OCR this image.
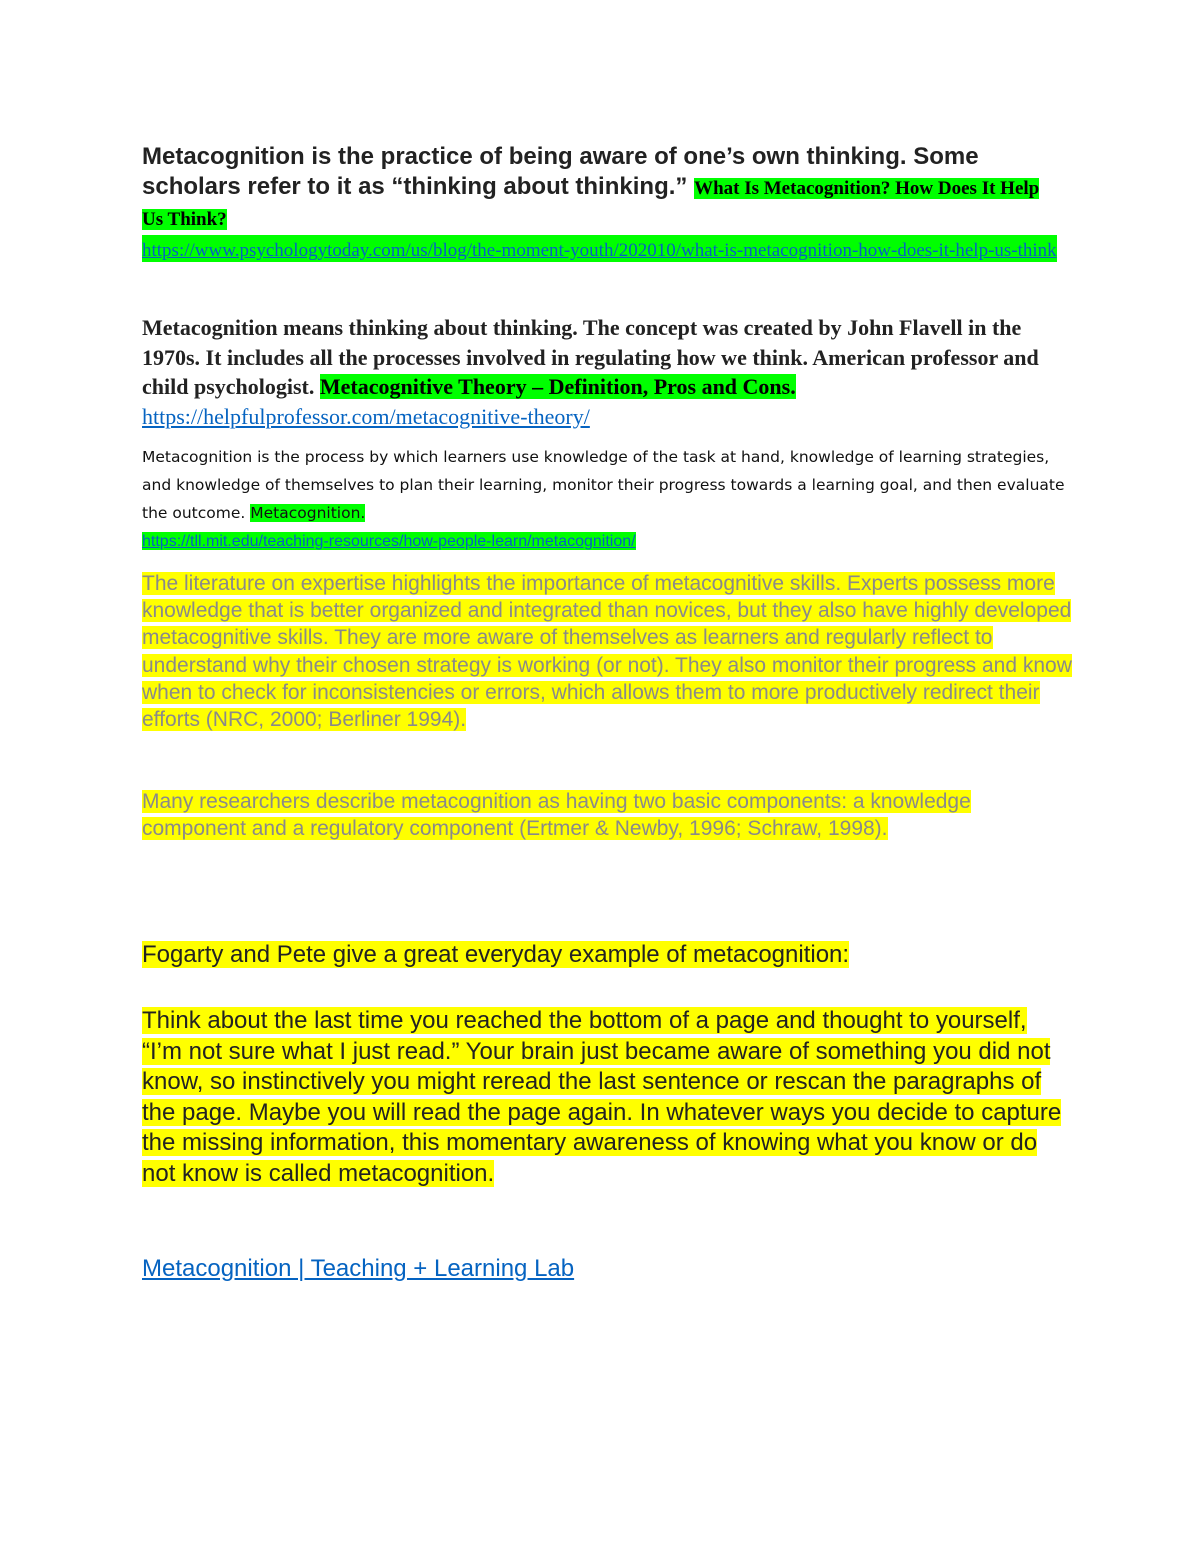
Metacognition is the practice of being aware of one’s own thinking. Some scholars refer to it as “thinking about thinking.” What Is Metacognition? How Does It Help Us Think?
https://www.psychologytoday.com/us/blog/the-moment-youth/202010/what-is-metacognition-how-does-it-help-us-think
Metacognition means thinking about thinking. The concept was created by John Flavell in the 1970s. It includes all the processes involved in regulating how we think. American professor and child psychologist. Metacognitive Theory – Definition, Pros and Cons. https://helpfulprofessor.com/metacognitive-theory/
Metacognition is the process by which learners use knowledge of the task at hand, knowledge of learning strategies, and knowledge of themselves to plan their learning, monitor their progress towards a learning goal, and then evaluate the outcome. Metacognition.
https://tll.mit.edu/teaching-resources/how-people-learn/metacognition/
The literature on expertise highlights the importance of metacognitive skills. Experts possess more knowledge that is better organized and integrated than novices, but they also have highly developed metacognitive skills. They are more aware of themselves as learners and regularly reflect to understand why their chosen strategy is working (or not). They also monitor their progress and know when to check for inconsistencies or errors, which allows them to more productively redirect their efforts (NRC, 2000; Berliner 1994).
Many researchers describe metacognition as having two basic components: a knowledge component and a regulatory component (Ertmer & Newby, 1996; Schraw, 1998).
Fogarty and Pete give a great everyday example of metacognition:
Think about the last time you reached the bottom of a page and thought to yourself, “I’m not sure what I just read.” Your brain just became aware of something you did not know, so instinctively you might reread the last sentence or rescan the paragraphs of the page. Maybe you will read the page again. In whatever ways you decide to capture the missing information, this momentary awareness of knowing what you know or do not know is called metacognition.
Metacognition | Teaching + Learning Lab
